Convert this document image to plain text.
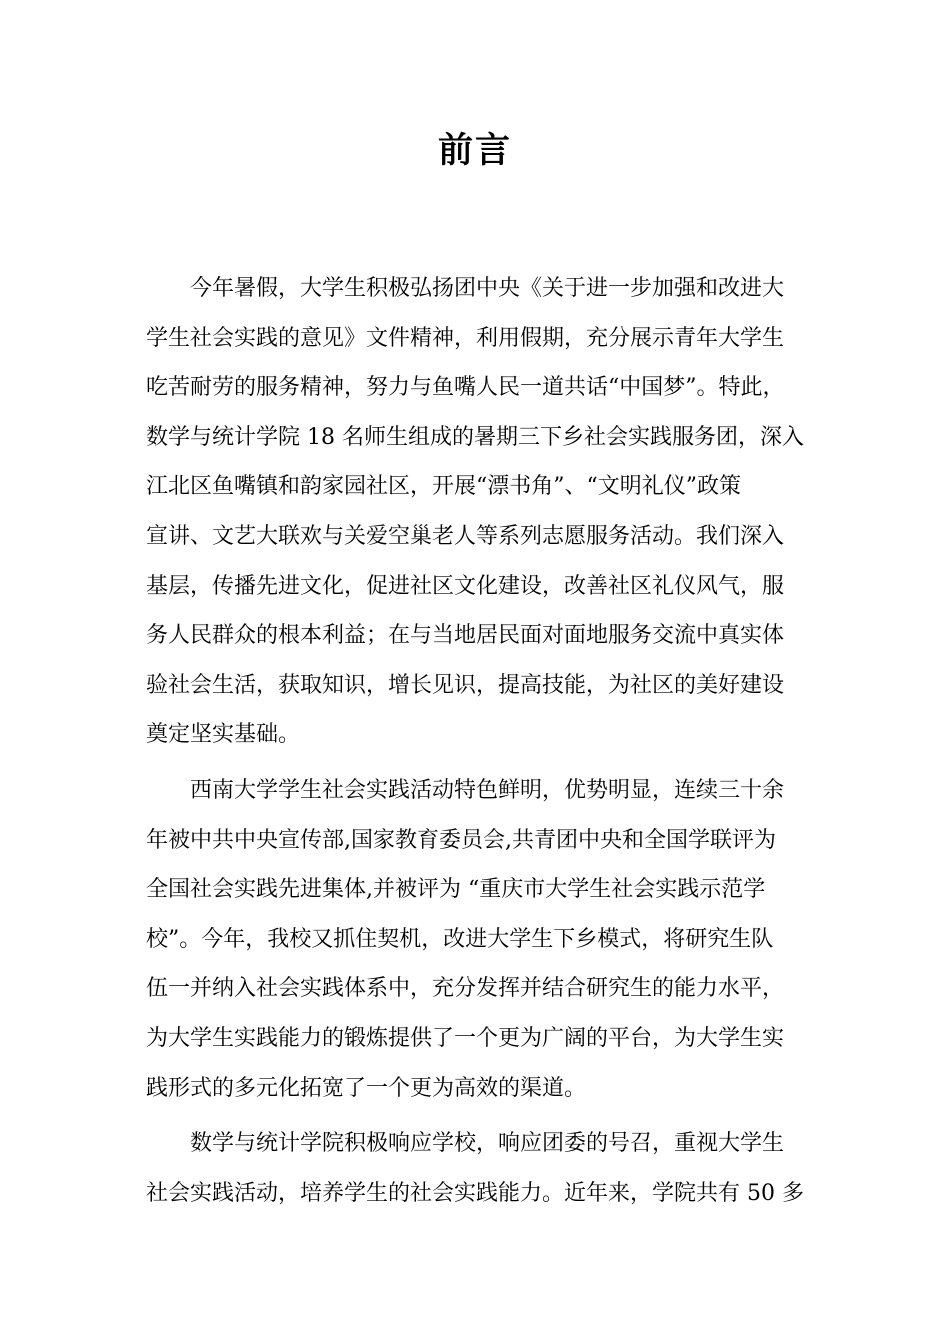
前言
今年暑假，大学生积极弘扬团中央《关于进一步加强和改进大
学生社会实践的意见》文件精神，利用假期，充分展示青年大学生
吃苦耐劳的服务精神，努力与鱼嘴人民一道共话“中国梦”。特此，
数学与统计学院 18 名师生组成的暑期三下乡社会实践服务团，深入
江北区鱼嘴镇和韵家园社区，开展“漂书角”、“文明礼仪”政策
宣讲、文艺大联欢与关爱空巢老人等系列志愿服务活动。我们深入
基层，传播先进文化，促进社区文化建设，改善社区礼仪风气，服
务人民群众的根本利益；在与当地居民面对面地服务交流中真实体
验社会生活，获取知识，增长见识，提高技能，为社区的美好建设
奠定坚实基础。
西南大学学生社会实践活动特色鲜明，优势明显，连续三十余
年被中共中央宣传部,国家教育委员会,共青团中央和全国学联评为
全国社会实践先进集体,并被评为 “重庆市大学生社会实践示范学
校”。今年，我校又抓住契机，改进大学生下乡模式，将研究生队
伍一并纳入社会实践体系中，充分发挥并结合研究生的能力水平，
为大学生实践能力的锻炼提供了一个更为广阔的平台，为大学生实
践形式的多元化拓宽了一个更为高效的渠道。
数学与统计学院积极响应学校，响应团委的号召，重视大学生
社会实践活动，培养学生的社会实践能力。近年来，学院共有 50 多
